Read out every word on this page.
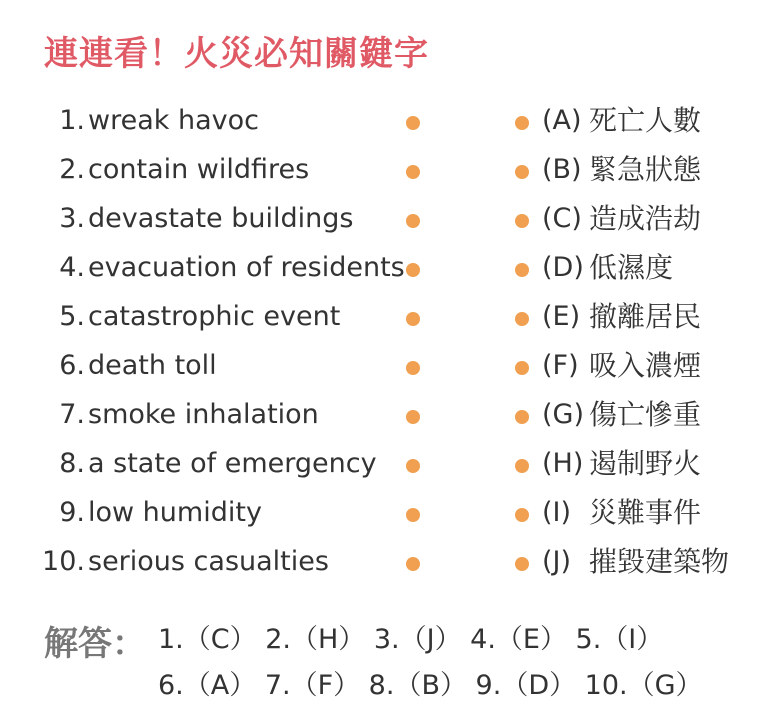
連連看！火災必知關鍵字
1. wreak havoc	(A) 死亡人數
2. contain wildfires	(B) 緊急狀態
3. devastate buildings	(C) 造成浩劫
4. evacuation of residents	(D) 低濕度
5. catastrophic event	(E) 撤離居民
6. death toll	(F) 吸入濃煙
7. smoke inhalation	(G) 傷亡慘重
8. a state of emergency	(H) 遏制野火
9. low humidity	(I) 災難事件
10. serious casualties	(J) 摧毀建築物
解答： 1.（C） 2.（H） 3.（J） 4.（E） 5.（I）
6.（A） 7.（F） 8.（B） 9.（D） 10.（G）
